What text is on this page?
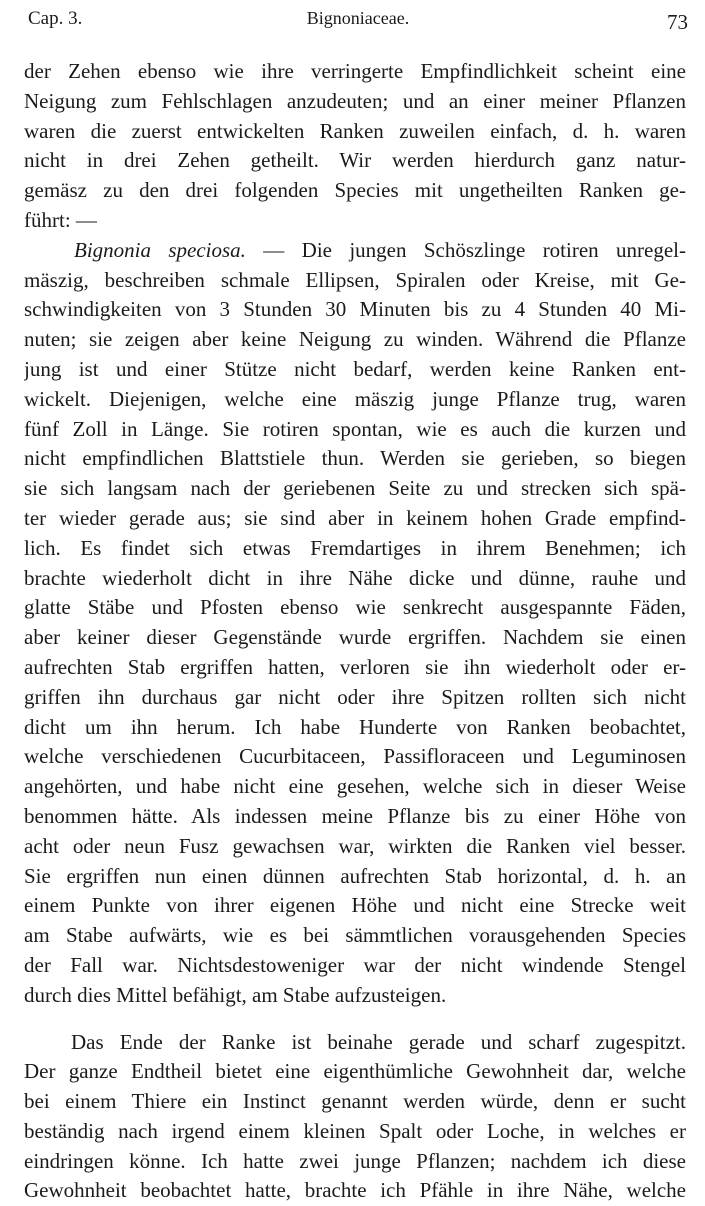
Cap. 3.	Bignoniaceae.	73
der Zehen ebenso wie ihre verringerte Empfindlichkeit scheint eine
Neigung zum Fehlschlagen anzudeuten; und an einer meiner Pflanzen
waren die zuerst entwickelten Ranken zuweilen einfach, d. h. waren
nicht in drei Zehen getheilt. Wir werden hierdurch ganz natur-
gemäsz zu den drei folgenden Species mit ungetheilten Ranken ge-
führt: —
Bignonia speciosa. — Die jungen Schöszlinge rotiren unregel-
mäszig, beschreiben schmale Ellipsen, Spiralen oder Kreise, mit Ge-
schwindigkeiten von 3 Stunden 30 Minuten bis zu 4 Stunden 40 Mi-
nuten; sie zeigen aber keine Neigung zu winden. Während die Pflanze
jung ist und einer Stütze nicht bedarf, werden keine Ranken ent-
wickelt. Diejenigen, welche eine mäszig junge Pflanze trug, waren
fünf Zoll in Länge. Sie rotiren spontan, wie es auch die kurzen und
nicht empfindlichen Blattstiele thun. Werden sie gerieben, so biegen
sie sich langsam nach der geriebenen Seite zu und strecken sich spä-
ter wieder gerade aus; sie sind aber in keinem hohen Grade empfind-
lich. Es findet sich etwas Fremdartiges in ihrem Benehmen; ich
brachte wiederholt dicht in ihre Nähe dicke und dünne, rauhe und
glatte Stäbe und Pfosten ebenso wie senkrecht ausgespannte Fäden,
aber keiner dieser Gegenstände wurde ergriffen. Nachdem sie einen
aufrechten Stab ergriffen hatten, verloren sie ihn wiederholt oder er-
griffen ihn durchaus gar nicht oder ihre Spitzen rollten sich nicht
dicht um ihn herum. Ich habe Hunderte von Ranken beobachtet,
welche verschiedenen Cucurbitaceen, Passifloraceen und Leguminosen
angehörten, und habe nicht eine gesehen, welche sich in dieser Weise
benommen hätte. Als indessen meine Pflanze bis zu einer Höhe von
acht oder neun Fusz gewachsen war, wirkten die Ranken viel besser.
Sie ergriffen nun einen dünnen aufrechten Stab horizontal, d. h. an
einem Punkte von ihrer eigenen Höhe und nicht eine Strecke weit
am Stabe aufwärts, wie es bei sämmtlichen vorausgehenden Species
der Fall war. Nichtsdestoweniger war der nicht windende Stengel
durch dies Mittel befähigt, am Stabe aufzusteigen.
Das Ende der Ranke ist beinahe gerade und scharf zugespitzt.
Der ganze Endtheil bietet eine eigenthümliche Gewohnheit dar, welche
bei einem Thiere ein Instinct genannt werden würde, denn er sucht
beständig nach irgend einem kleinen Spalt oder Loche, in welches er
eindringen könne. Ich hatte zwei junge Pflanzen; nachdem ich diese
Gewohnheit beobachtet hatte, brachte ich Pfähle in ihre Nähe, welche
